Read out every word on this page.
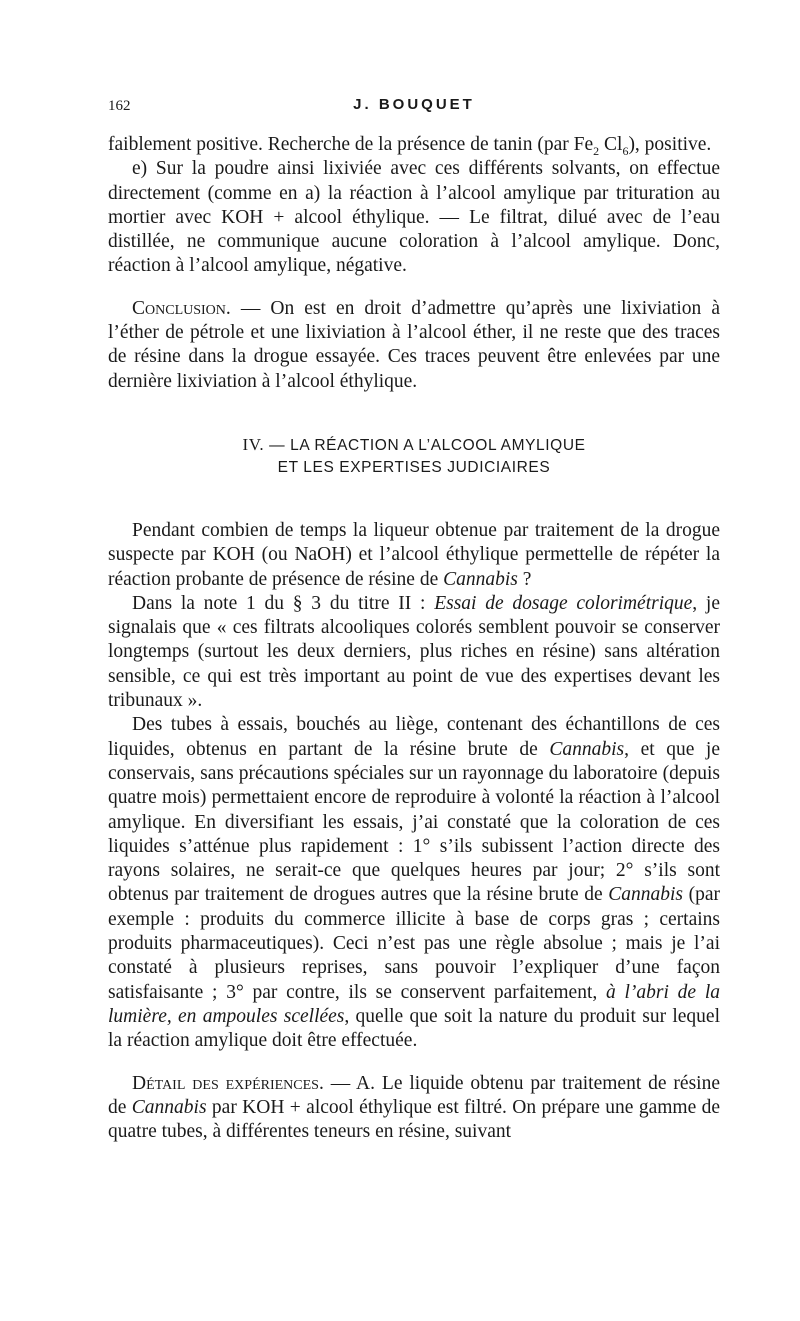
162	J. BOUQUET

faiblement positive. Recherche de la présence de tanin (par $Fe_2$ $Cl_6$), positive.

e) Sur la poudre ainsi lixiviée avec ces différents solvants, on effectue directement (comme en a) la réaction à l’alcool amylique par trituration au mortier avec KOH + alcool éthylique. — Le filtrat, dilué avec de l’eau distillée, ne communique aucune coloration à l’alcool amylique. Donc, réaction à l’alcool amylique, négative.

Conclusion. — On est en droit d’admettre qu’après une lixiviation à l’éther de pétrole et une lixiviation à l’alcool éther, il ne reste que des traces de résine dans la drogue essayée. Ces traces peuvent être enlevées par une dernière lixiviation à l’alcool éthylique.

IV. — LA RÉACTION A L’ALCOOL AMYLIQUE
ET LES EXPERTISES JUDICIAIRES

Pendant combien de temps la liqueur obtenue par traitement de la drogue suspecte par KOH (ou NaOH) et l’alcool éthylique permettelle de répéter la réaction probante de présence de résine de Cannabis ?

Dans la note 1 du § 3 du titre II : Essai de dosage colorimétrique, je signalais que « ces filtrats alcooliques colorés semblent pouvoir se conserver longtemps (surtout les deux derniers, plus riches en résine) sans altération sensible, ce qui est très important au point de vue des expertises devant les tribunaux ».

Des tubes à essais, bouchés au liège, contenant des échantillons de ces liquides, obtenus en partant de la résine brute de Cannabis, et que je conservais, sans précautions spéciales sur un rayonnage du laboratoire (depuis quatre mois) permettaient encore de reproduire à volonté la réaction à l’alcool amylique. En diversifiant les essais, j’ai constaté que la coloration de ces liquides s’atténue plus rapidement : 1° s’ils subissent l’action directe des rayons solaires, ne serait-ce que quelques heures par jour; 2° s’ils sont obtenus par traitement de drogues autres que la résine brute de Cannabis (par exemple : produits du commerce illicite à base de corps gras ; certains produits pharmaceutiques). Ceci n’est pas une règle absolue ; mais je l’ai constaté à plusieurs reprises, sans pouvoir l’expliquer d’une façon satisfaisante ; 3° par contre, ils se conservent parfaitement, à l’abri de la lumière, en ampoules scellées, quelle que soit la nature du produit sur lequel la réaction amylique doit être effectuée.

Détail des expériences. — A. Le liquide obtenu par traitement de résine de Cannabis par KOH + alcool éthylique est filtré. On prépare une gamme de quatre tubes, à différentes teneurs en résine, suivant
